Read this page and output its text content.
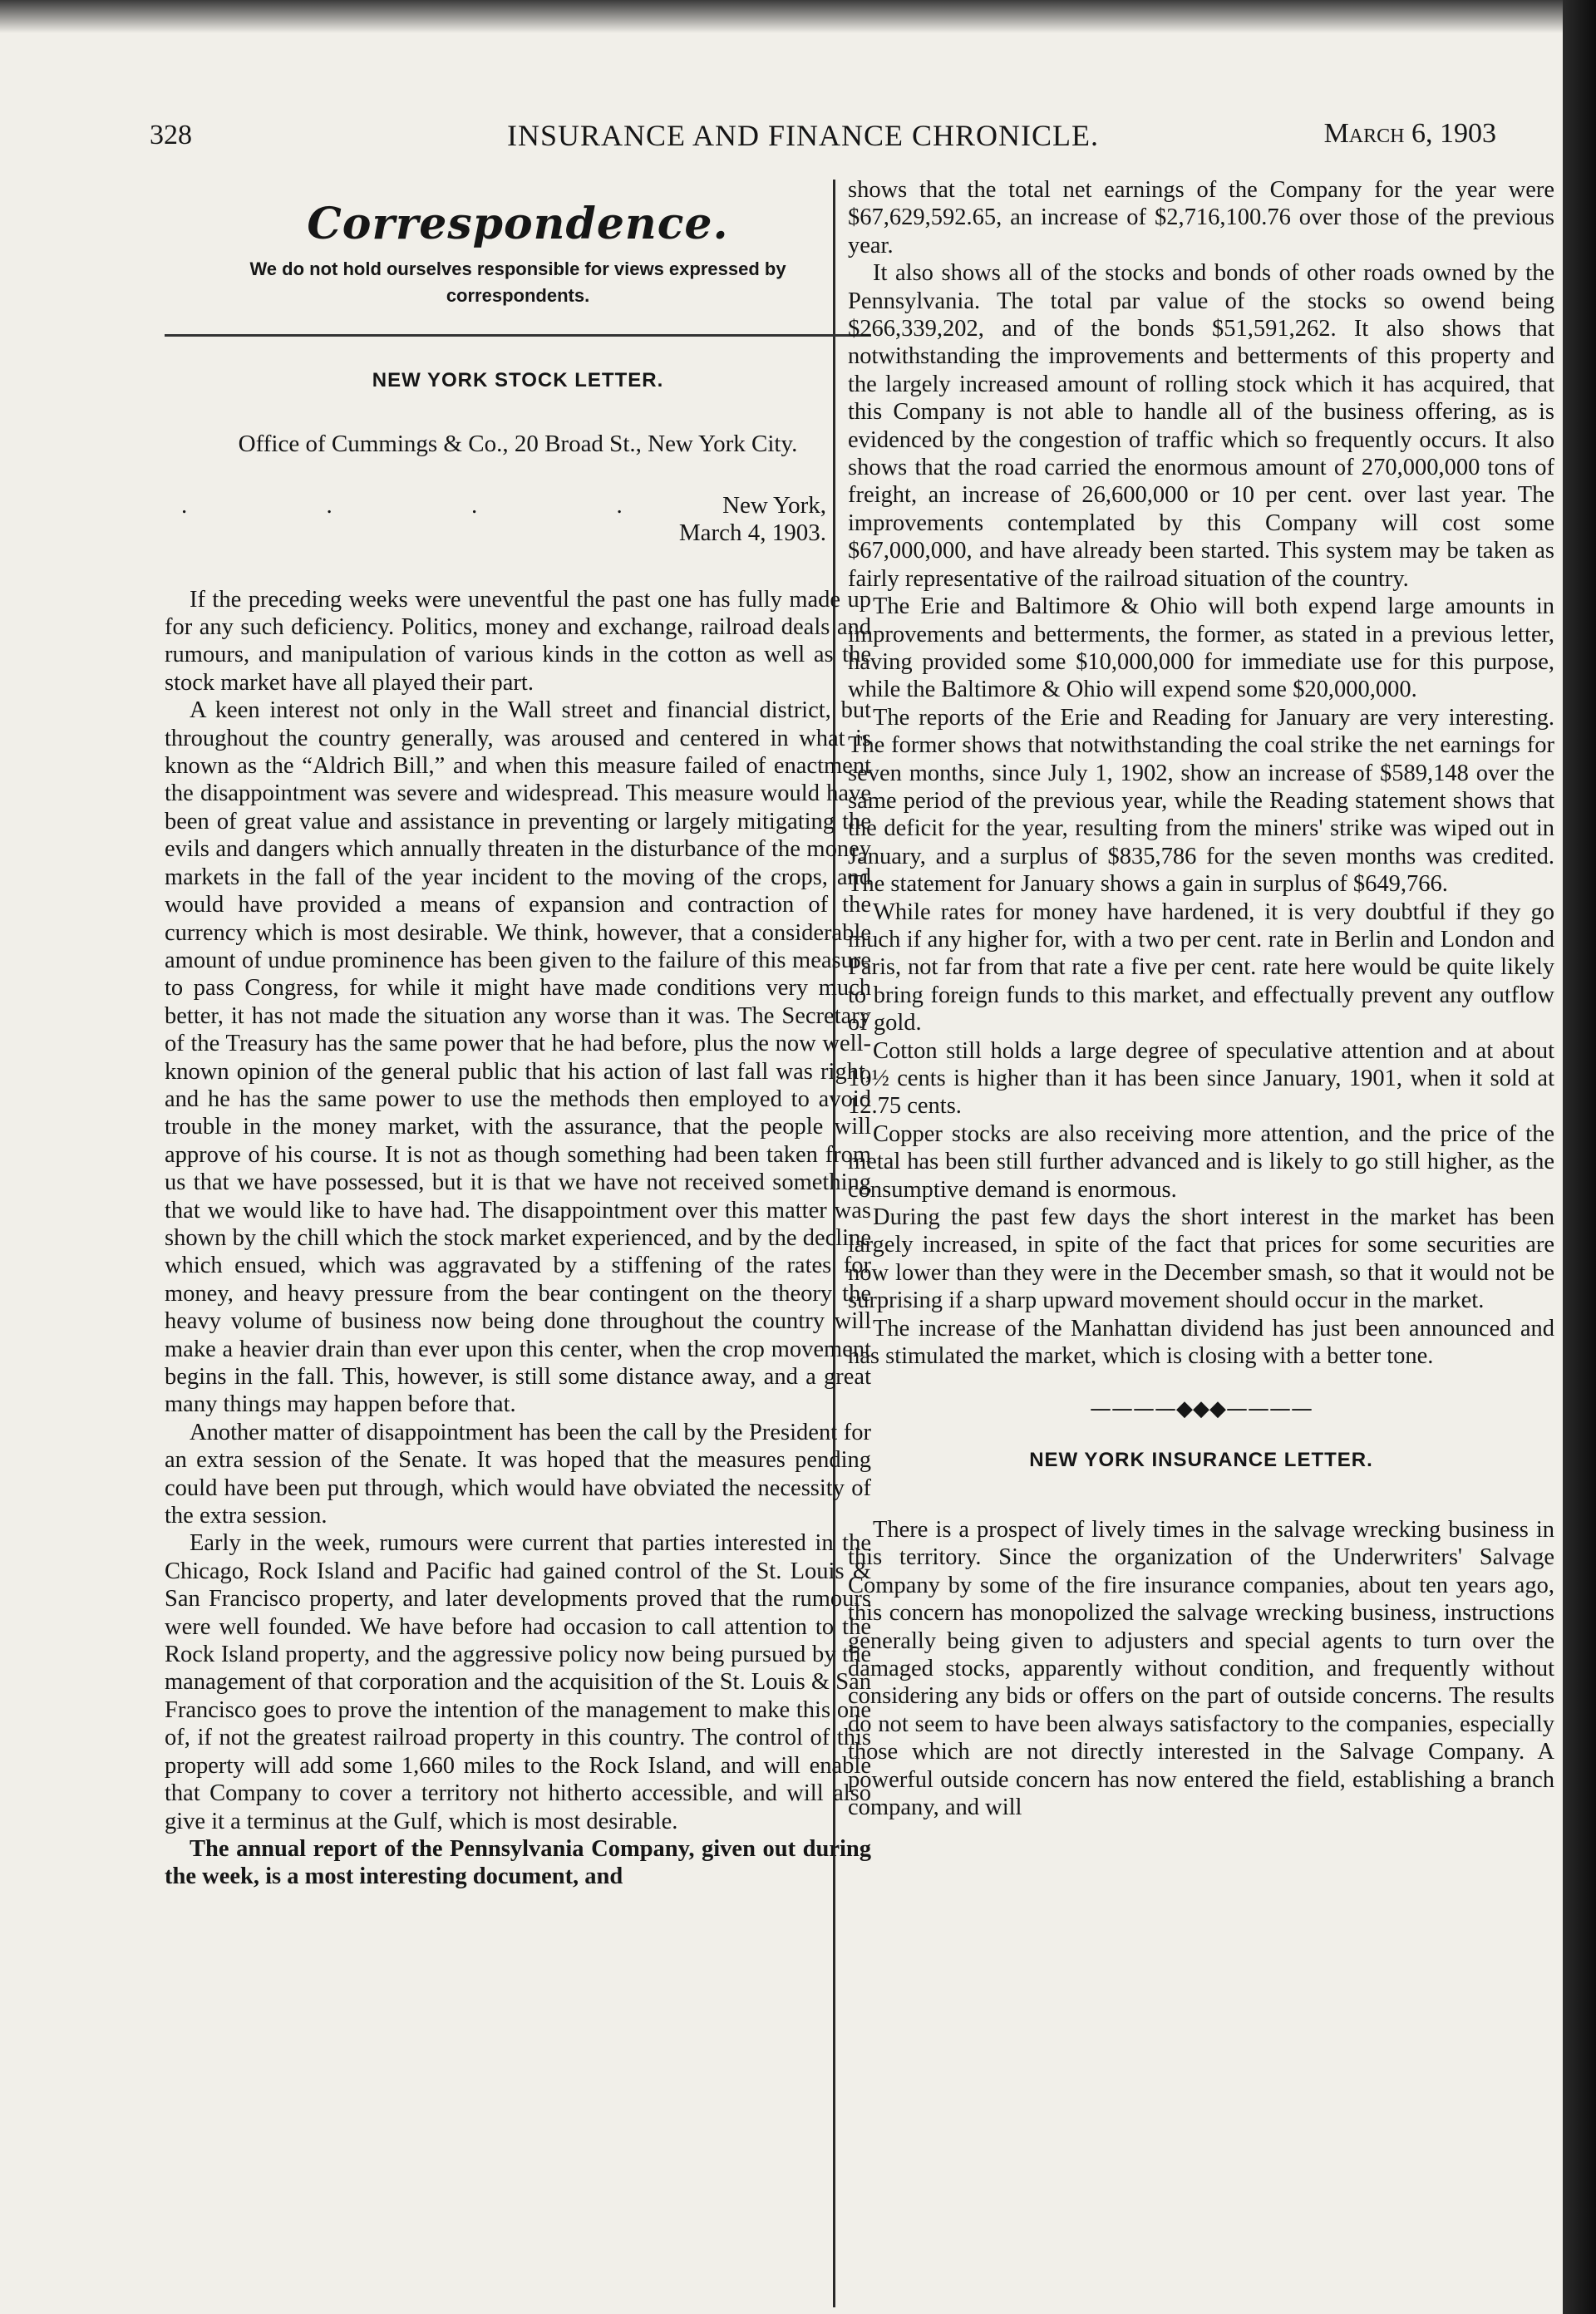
328	INSURANCE AND FINANCE CHRONICLE.	March 6, 1903
Correspondence.
We do not hold ourselves responsible for views expressed by correspondents.
NEW YORK STOCK LETTER.
Office of Cummings & Co., 20 Broad St., New York City.
. . . . New York, March 4, 1903.

If the preceding weeks were uneventful the past one has fully made up for any such deficiency. Politics, money and exchange, railroad deals and rumours, and manipulation of various kinds in the cotton as well as the stock market have all played their part.

A keen interest not only in the Wall street and financial district, but throughout the country generally, was aroused and centered in what is known as the “Aldrich Bill,” and when this measure failed of enactment the disappointment was severe and widespread. This measure would have been of great value and assistance in preventing or largely mitigating the evils and dangers which annually threaten in the disturbance of the money markets in the fall of the year incident to the moving of the crops, and would have provided a means of expansion and contraction of the currency which is most desirable. We think, however, that a considerable amount of undue prominence has been given to the failure of this measure to pass Congress, for while it might have made conditions very much better, it has not made the situation any worse than it was. The Secretary of the Treasury has the same power that he had before, plus the now well-known opinion of the general public that his action of last fall was right, and he has the same power to use the methods then employed to avoid trouble in the money market, with the assurance, that the people will approve of his course. It is not as though something had been taken from us that we have possessed, but it is that we have not received something that we would like to have had. The disappointment over this matter was shown by the chill which the stock market experienced, and by the decline which ensued, which was aggravated by a stiffening of the rates for money, and heavy pressure from the bear contingent on the theory the heavy volume of business now being done throughout the country will make a heavier drain than ever upon this center, when the crop movement begins in the fall. This, however, is still some distance away, and a great many things may happen before that.

Another matter of disappointment has been the call by the President for an extra session of the Senate. It was hoped that the measures pending could have been put through, which would have obviated the necessity of the extra session.

Early in the week, rumours were current that parties interested in the Chicago, Rock Island and Pacific had gained control of the St. Louis & San Francisco property, and later developments proved that the rumours were well founded. We have before had occasion to call attention to the Rock Island property, and the aggressive policy now being pursued by the management of that corporation and the acquisition of the St. Louis & San Francisco goes to prove the intention of the management to make this one of, if not the greatest railroad property in this country. The control of this property will add some 1,660 miles to the Rock Island, and will enable that Company to cover a territory not hitherto accessible, and will also give it a terminus at the Gulf, which is most desirable.

The annual report of the Pennsylvania Company, given out during the week, is a most interesting document, and

shows that the total net earnings of the Company for the year were $67,629,592.65, an increase of $2,716,100.76 over those of the previous year.

It also shows all of the stocks and bonds of other roads owned by the Pennsylvania. The total par value of the stocks so owend being $266,339,202, and of the bonds $51,591,262. It also shows that notwithstanding the improvements and betterments of this property and the largely increased amount of rolling stock which it has acquired, that this Company is not able to handle all of the business offering, as is evidenced by the congestion of traffic which so frequently occurs. It also shows that the road carried the enormous amount of 270,000,000 tons of freight, an increase of 26,600,000 or 10 per cent. over last year. The improvements contemplated by this Company will cost some $67,000,000, and have already been started. This system may be taken as fairly representative of the railroad situation of the country.

The Erie and Baltimore & Ohio will both expend large amounts in improvements and betterments, the former, as stated in a previous letter, having provided some $10,000,000 for immediate use for this purpose, while the Baltimore & Ohio will expend some $20,000,000.

The reports of the Erie and Reading for January are very interesting. The former shows that notwithstanding the coal strike the net earnings for seven months, since July 1, 1902, show an increase of $589,148 over the same period of the previous year, while the Reading statement shows that the deficit for the year, resulting from the miners' strike was wiped out in January, and a surplus of $835,786 for the seven months was credited. The statement for January shows a gain in surplus of $649,766.

While rates for money have hardened, it is very doubtful if they go much if any higher for, with a two per cent. rate in Berlin and London and Paris, not far from that rate a five per cent. rate here would be quite likely to bring foreign funds to this market, and effectually prevent any outflow of gold.

Cotton still holds a large degree of speculative attention and at about 10½ cents is higher than it has been since January, 1901, when it sold at 12.75 cents.

Copper stocks are also receiving more attention, and the price of the metal has been still further advanced and is likely to go still higher, as the consumptive demand is enormous.

During the past few days the short interest in the market has been largely increased, in spite of the fact that prices for some securities are now lower than they were in the December smash, so that it would not be surprising if a sharp upward movement should occur in the market.

The increase of the Manhattan dividend has just been announced and has stimulated the market, which is closing with a better tone.

————◆◆◆————
NEW YORK INSURANCE LETTER.

There is a prospect of lively times in the salvage wrecking business in this territory. Since the organization of the Underwriters' Salvage Company by some of the fire insurance companies, about ten years ago, this concern has monopolized the salvage wrecking business, instructions generally being given to adjusters and special agents to turn over the damaged stocks, apparently without condition, and frequently without considering any bids or offers on the part of outside concerns. The results do not seem to have been always satisfactory to the companies, especially those which are not directly interested in the Salvage Company. A powerful outside concern has now entered the field, establishing a branch company, and will
